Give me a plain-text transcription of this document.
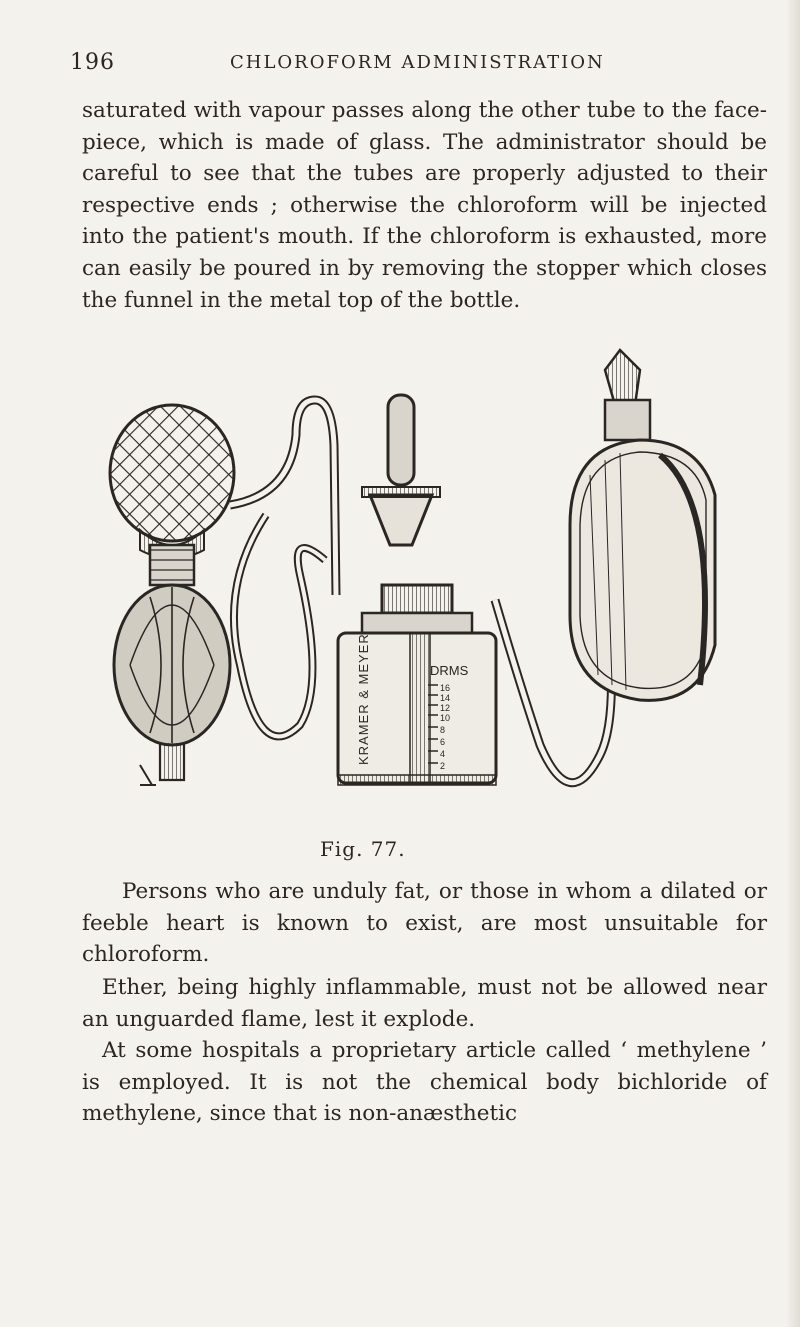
196	CHLOROFORM ADMINISTRATION

saturated with vapour passes along the other tube to the face-piece, which is made of glass. The administrator should be careful to see that the tubes are properly adjusted to their respective ends ; otherwise the chloroform will be injected into the patient's mouth. If the chloroform is exhausted, more can easily be poured in by removing the stopper which closes the funnel in the metal top of the bottle.

KRAMER & MEYER	DRMS
16
14
12
10
8
6
4
2
Fig. 77.

Persons who are unduly fat, or those in whom a dilated or feeble heart is known to exist, are most unsuitable for chloroform.

Ether, being highly inflammable, must not be allowed near an unguarded flame, lest it explode.

At some hospitals a proprietary article called ‘ methylene ’ is employed. It is not the chemical body bichloride of methylene, since that is non-anæsthetic
